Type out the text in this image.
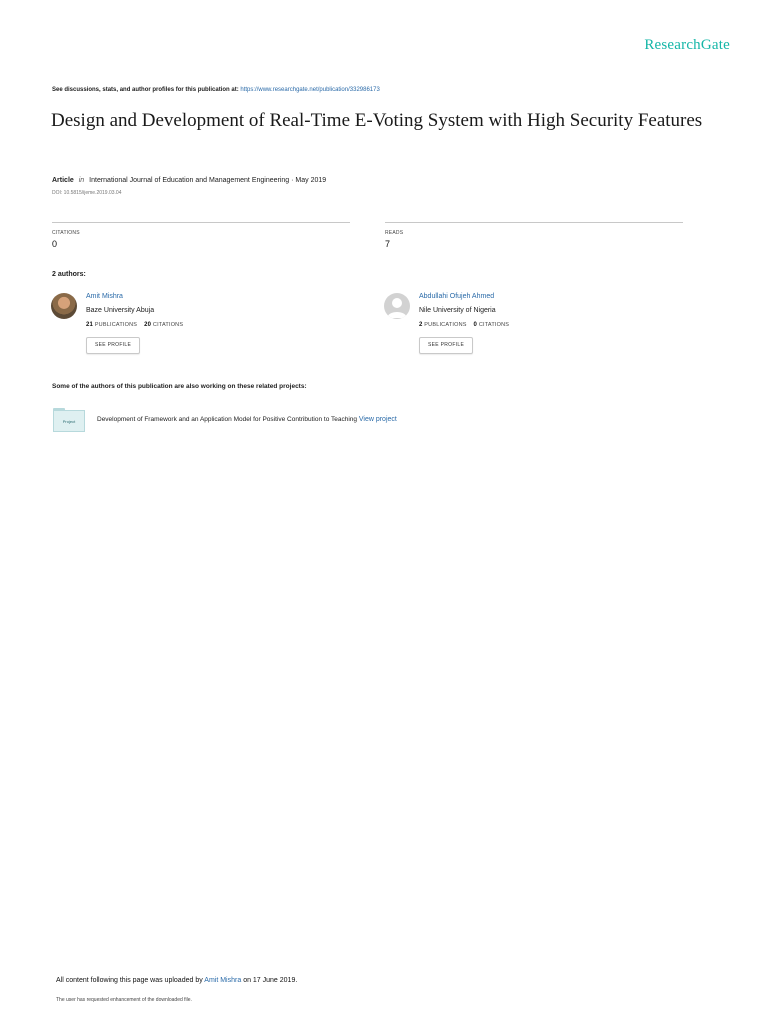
ResearchGate
See discussions, stats, and author profiles for this publication at: https://www.researchgate.net/publication/332986173
Design and Development of Real-Time E-Voting System with High Security Features
Article in International Journal of Education and Management Engineering · May 2019
DOI: 10.5815/ijeme.2019.03.04
CITATIONS
0
READS
7
2 authors:
Amit Mishra
Baze University Abuja
21 PUBLICATIONS 20 CITATIONS
SEE PROFILE
Abdullahi Ofujeh Ahmed
Nile University of Nigeria
2 PUBLICATIONS 0 CITATIONS
SEE PROFILE
Some of the authors of this publication are also working on these related projects:
Project	Development of Framework and an Application Model for Positive Contribution to Teaching View project
All content following this page was uploaded by Amit Mishra on 17 June 2019.
The user has requested enhancement of the downloaded file.
